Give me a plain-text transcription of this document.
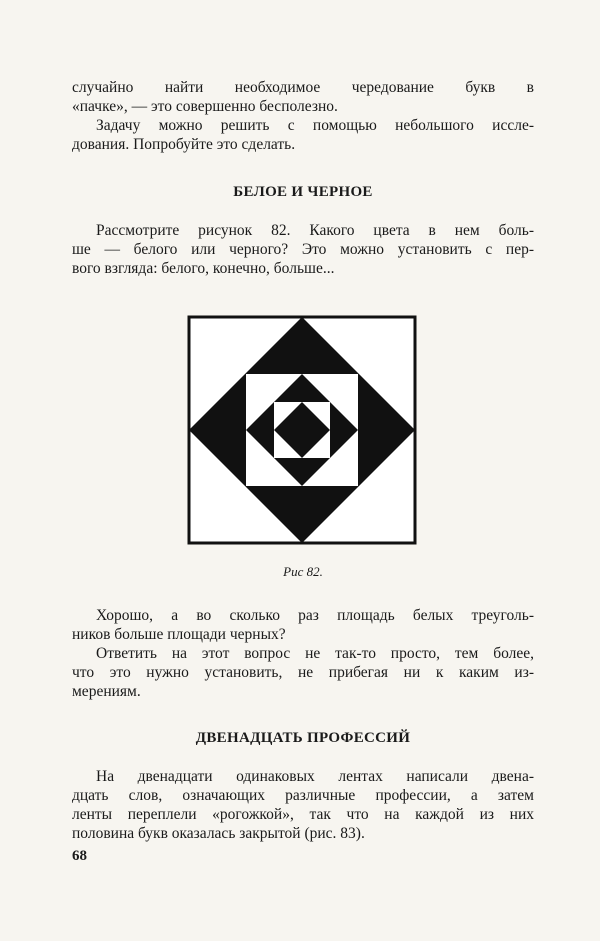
случайно найти необходимое чередование букв в
«пачке», — это совершенно бесполезно.
Задачу можно решить с помощью небольшого иссле-
дования. Попробуйте это сделать.
БЕЛОЕ И ЧЕРНОЕ
Рассмотрите рисунок 82. Какого цвета в нем боль-
ше — белого или черного? Это можно установить с пер-
вого взгляда: белого, конечно, больше...
Рис 82.
Хорошо, а во сколько раз площадь белых треуголь-
ников больше площади черных?
Ответить на этот вопрос не так-то просто, тем более,
что это нужно установить, не прибегая ни к каким из-
мерениям.
ДВЕНАДЦАТЬ ПРОФЕССИЙ
На двенадцати одинаковых лентах написали двена-
дцать слов, означающих различные профессии, а затем
ленты переплели «рогожкой», так что на каждой из них
половина букв оказалась закрытой (рис. 83).
68
